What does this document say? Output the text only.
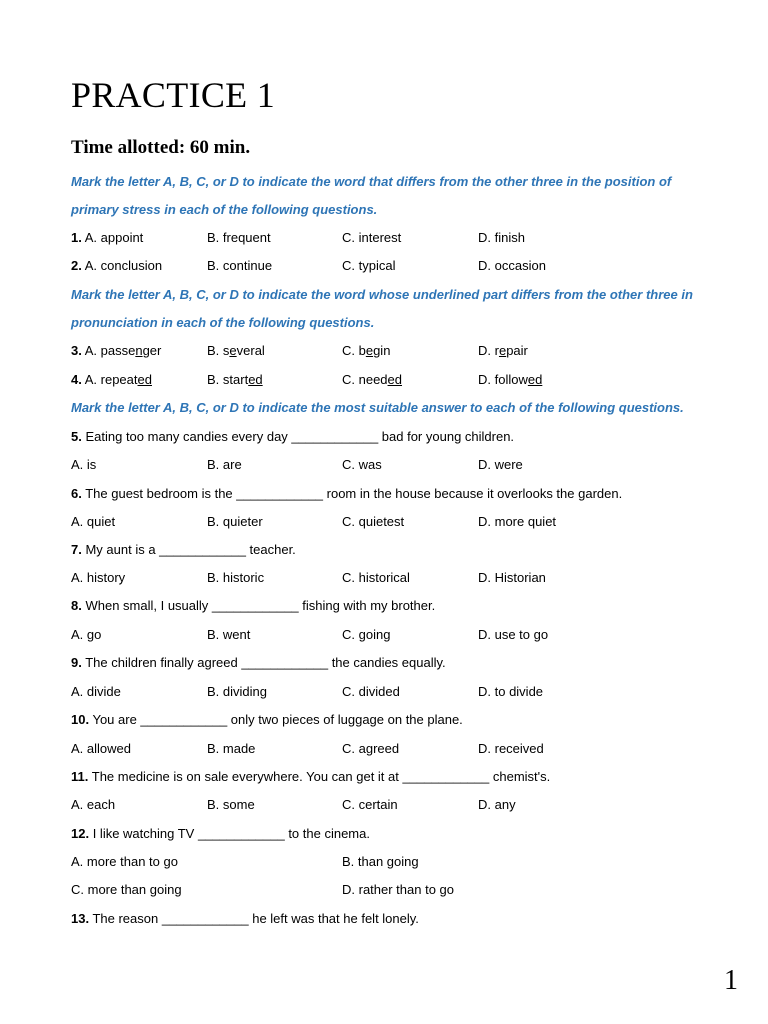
PRACTICE 1
Time allotted: 60 min.
Mark the letter A, B, C, or D to indicate the word that differs from the other three in the position of primary stress in each of the following questions.
1. A. appoint	B. frequent	C. interest	D. finish
2. A. conclusion	B. continue	C. typical	D. occasion
Mark the letter A, B, C, or D to indicate the word whose underlined part differs from the other three in pronunciation in each of the following questions.
3. A. passenger	B. several	C. begin	D. repair
4. A. repeated	B. started	C. needed	D. followed
Mark the letter A, B, C, or D to indicate the most suitable answer to each of the following questions.
5. Eating too many candies every day ____________ bad for young children.
A. is	B. are	C. was	D. were
6. The guest bedroom is the ____________ room in the house because it overlooks the garden.
A. quiet	B. quieter	C. quietest	D. more quiet
7. My aunt is a ____________ teacher.
A. history	B. historic	C. historical	D. Historian
8. When small, I usually ____________ fishing with my brother.
A. go	B. went	C. going	D. use to go
9. The children finally agreed ____________ the candies equally.
A. divide	B. dividing	C. divided	D. to divide
10. You are ____________ only two pieces of luggage on the plane.
A. allowed	B. made	C. agreed	D. received
11. The medicine is on sale everywhere. You can get it at ____________ chemist's.
A. each	B. some	C. certain	D. any
12. I like watching TV ____________ to the cinema.
A. more than to go	B. than going
C. more than going	D. rather than to go
13. The reason ____________ he left was that he felt lonely.
1
